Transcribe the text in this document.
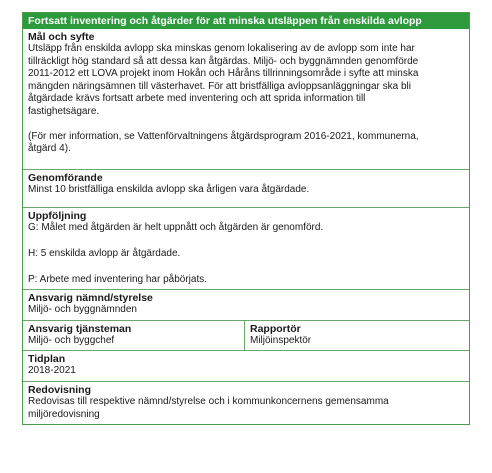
Fortsatt inventering och åtgärder för att minska utsläppen från enskilda avlopp
Mål och syfte
Utsläpp från enskilda avlopp ska minskas genom lokalisering av de avlopp som inte har
tillräckligt hög standard så att dessa kan åtgärdas. Miljö- och byggnämnden genomförde
2011-2012 ett LOVA projekt inom Hokån och Håråns tillrinningsområde i syfte att minska
mängden näringsämnen till västerhavet. För att bristfälliga avloppsanläggningar ska bli
åtgärdade krävs fortsatt arbete med inventering och att sprida information till
fastighetsägare.
(För mer information, se Vattenförvaltningens åtgärdsprogram 2016-2021, kommunerna,
åtgärd 4).
Genomförande
Minst 10 bristfälliga enskilda avlopp ska årligen vara åtgärdade.
Uppföljning
G: Målet med åtgärden är helt uppnått och åtgärden är genomförd.
H: 5 enskilda avlopp är åtgärdade.
P: Arbete med inventering har påbörjats.
Ansvarig nämnd/styrelse
Miljö- och byggnämnden
Ansvarig tjänsteman
Miljö- och byggchef
Rapportör
Miljöinspektör
Tidplan
2018-2021
Redovisning
Redovisas till respektive nämnd/styrelse och i kommunkoncernens gemensamma
miljöredovisning
